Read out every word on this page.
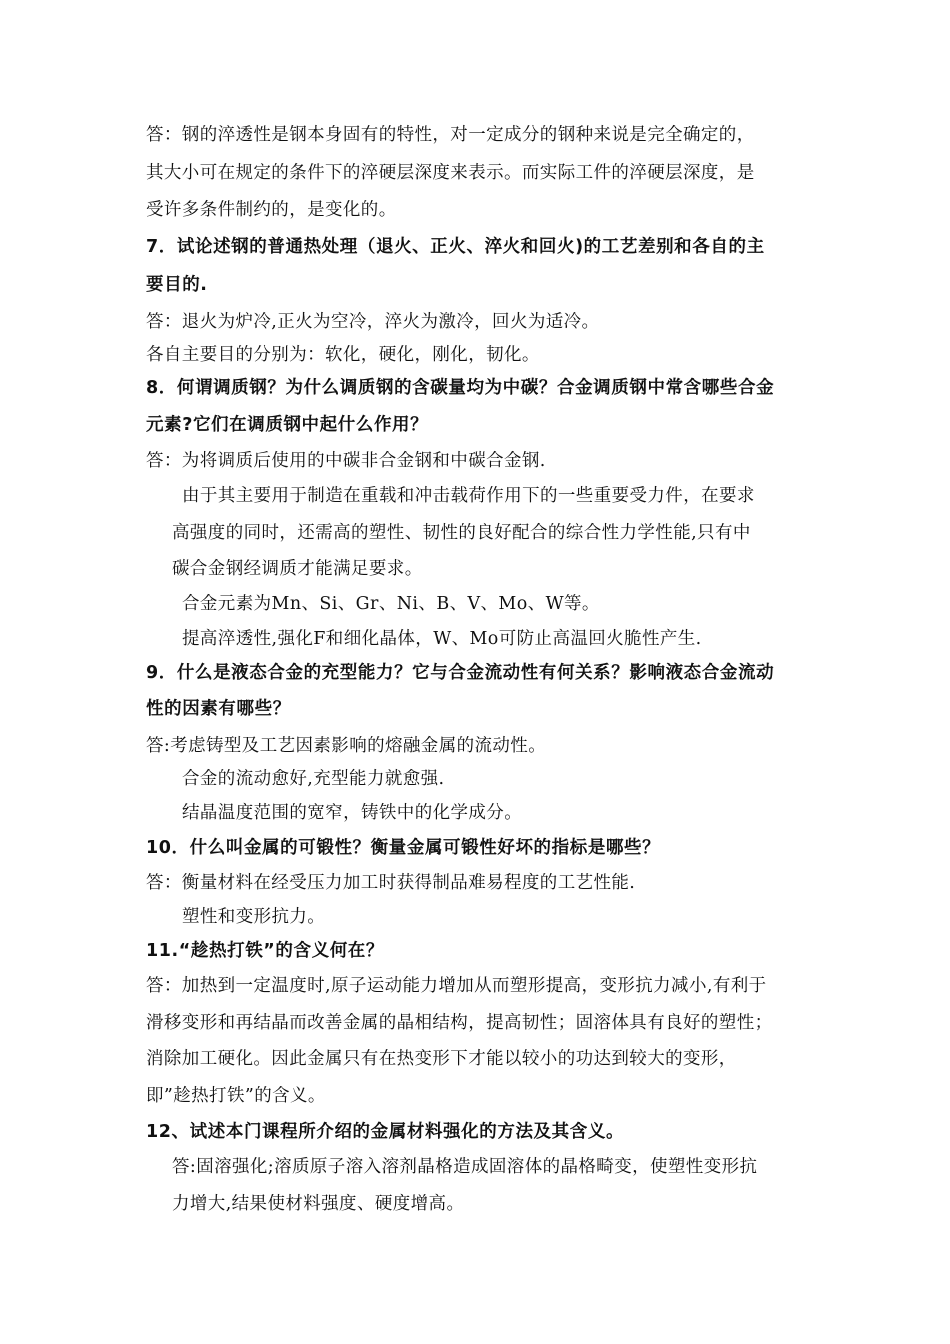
答：钢的淬透性是钢本身固有的特性，对一定成分的钢种来说是完全确定的，
其大小可在规定的条件下的淬硬层深度来表示。而实际工件的淬硬层深度，是
受许多条件制约的，是变化的。
7．试论述钢的普通热处理（退火、正火、淬火和回火)的工艺差别和各自的主
要目的.
答：退火为炉冷,正火为空冷，淬火为激冷，回火为适冷。
各自主要目的分别为：软化，硬化，刚化，韧化。
8．何谓调质钢？为什么调质钢的含碳量均为中碳？合金调质钢中常含哪些合金
元素?它们在调质钢中起什么作用？
答：为将调质后使用的中碳非合金钢和中碳合金钢.
由于其主要用于制造在重载和冲击载荷作用下的一些重要受力件，在要求
高强度的同时，还需高的塑性、韧性的良好配合的综合性力学性能,只有中
碳合金钢经调质才能满足要求。
合金元素为Mn、Si、Gr、Ni、B、V、Mo、W等。
提高淬透性,强化F和细化晶体，W、Mo可防止高温回火脆性产生.
9．什么是液态合金的充型能力？它与合金流动性有何关系？影响液态合金流动
性的因素有哪些？
答:考虑铸型及工艺因素影响的熔融金属的流动性。
合金的流动愈好,充型能力就愈强.
结晶温度范围的宽窄，铸铁中的化学成分。
10．什么叫金属的可锻性？衡量金属可锻性好坏的指标是哪些？
答：衡量材料在经受压力加工时获得制品难易程度的工艺性能.
塑性和变形抗力。
11.“趁热打铁”的含义何在？
答：加热到一定温度时,原子运动能力增加从而塑形提高，变形抗力减小,有利于
滑移变形和再结晶而改善金属的晶相结构，提高韧性；固溶体具有良好的塑性；
消除加工硬化。因此金属只有在热变形下才能以较小的功达到较大的变形，
即”趁热打铁”的含义。
12、试述本门课程所介绍的金属材料强化的方法及其含义。
答:固溶强化;溶质原子溶入溶剂晶格造成固溶体的晶格畸变，使塑性变形抗
力增大,结果使材料强度、硬度增高。
